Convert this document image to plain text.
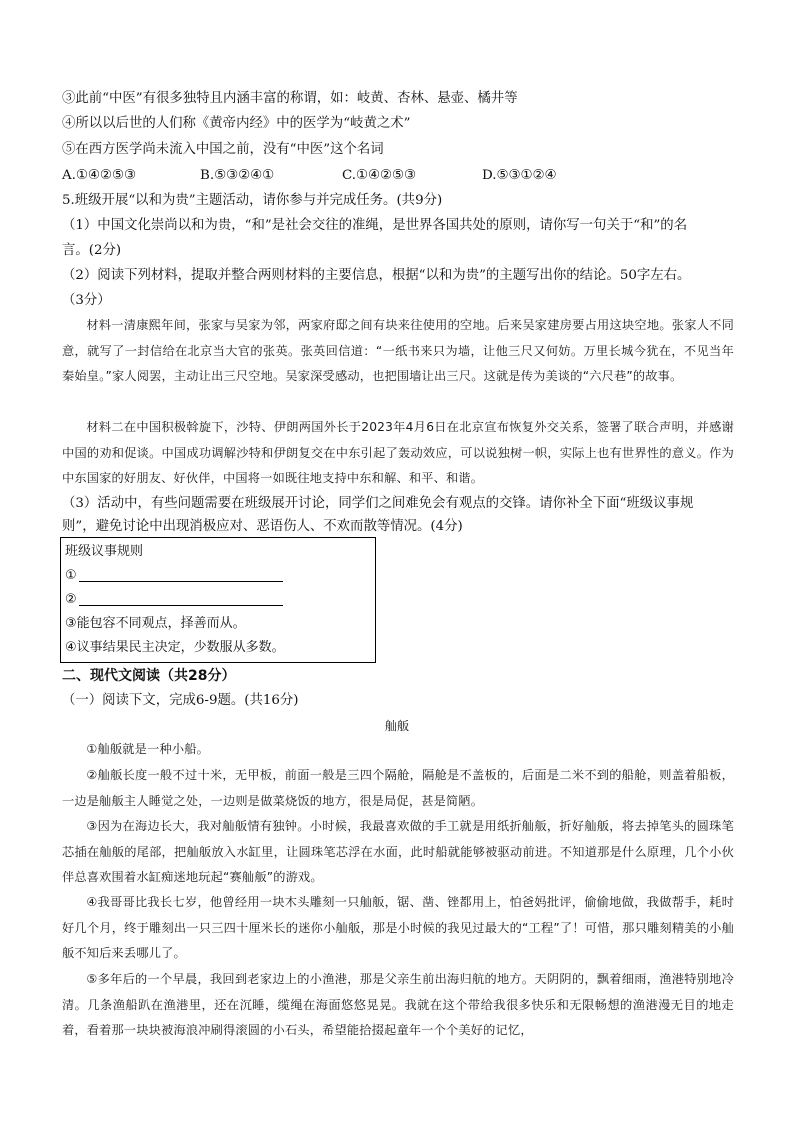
③此前“中医”有很多独特且内涵丰富的称谓，如：岐黄、杏林、悬壶、橘井等
④所以以后世的人们称《黄帝内经》中的医学为“岐黄之术”
⑤在西方医学尚未流入中国之前，没有“中医”这个名词
A.①④②⑤③	B.⑤③②④①	C.①④②⑤③	D.⑤③①②④
5.班级开展“以和为贵”主题活动，请你参与并完成任务。(共9分)
（1）中国文化崇尚以和为贵，“和”是社会交往的准绳，是世界各国共处的原则，请你写一句关于“和”的名
言。(2分)
（2）阅读下列材料，提取并整合两则材料的主要信息，根据“以和为贵”的主题写出你的结论。50字左右。
（3分）
材料一清康熙年间，张家与吴家为邻，两家府邸之间有块来往使用的空地。后来吴家建房要占用这块空地。张家人不同意，就写了一封信给在北京当大官的张英。张英回信道：“一纸书来只为墙，让他三尺又何妨。万里长城今犹在，不见当年秦始皇。”家人阅罢，主动让出三尺空地。吴家深受感动，也把围墙让出三尺。这就是传为美谈的“六尺巷”的故事。
材料二在中国积极斡旋下，沙特、伊朗两国外长于2023年4月6日在北京宣布恢复外交关系，签署了联合声明，并感谢中国的劝和促谈。中国成功调解沙特和伊朗复交在中东引起了轰动效应，可以说独树一帜，实际上也有世界性的意义。作为中东国家的好朋友、好伙伴，中国将一如既往地支持中东和解、和平、和谐。
（3）活动中，有些问题需要在班级展开讨论，同学们之间难免会有观点的交锋。请你补全下面“班级议事规
则”，避免讨论中出现消极应对、恶语伤人、不欢而散等情况。(4分)
班级议事规则
①
②
③能包容不同观点，择善而从。
④议事结果民主决定，少数服从多数。
二、现代文阅读（共28分）
（一）阅读下文，完成6-9题。(共16分)
舢舨
①舢舨就是一种小船。
②舢舨长度一般不过十米，无甲板，前面一般是三四个隔舱，隔舱是不盖板的，后面是二米不到的船舱，则盖着船板，一边是舢舨主人睡觉之处，一边则是做菜烧饭的地方，很是局促，甚是简陋。
③因为在海边长大，我对舢舨情有独钟。小时候，我最喜欢做的手工就是用纸折舢舨，折好舢舨，将去掉笔头的圆珠笔芯插在舢舨的尾部，把舢舨放入水缸里，让圆珠笔芯浮在水面，此时船就能够被驱动前进。不知道那是什么原理，几个小伙伴总喜欢围着水缸痴迷地玩起“赛舢舨”的游戏。
④我哥哥比我长七岁，他曾经用一块木头雕刻一只舢舨，锯、凿、锉都用上，怕爸妈批评，偷偷地做，我做帮手，耗时好几个月，终于雕刻出一只三四十厘米长的迷你小舢舨，那是小时候的我见过最大的“工程”了！可惜，那只雕刻精美的小舢舨不知后来丢哪儿了。
⑤多年后的一个早晨，我回到老家边上的小渔港，那是父亲生前出海归航的地方。天阴阴的，飘着细雨，渔港特别地冷清。几条渔船趴在渔港里，还在沉睡，缆绳在海面悠悠晃晃。我就在这个带给我很多快乐和无限畅想的渔港漫无目的地走着，看着那一块块被海浪冲刷得滚圆的小石头，希望能拾掇起童年一个个美好的记忆，
